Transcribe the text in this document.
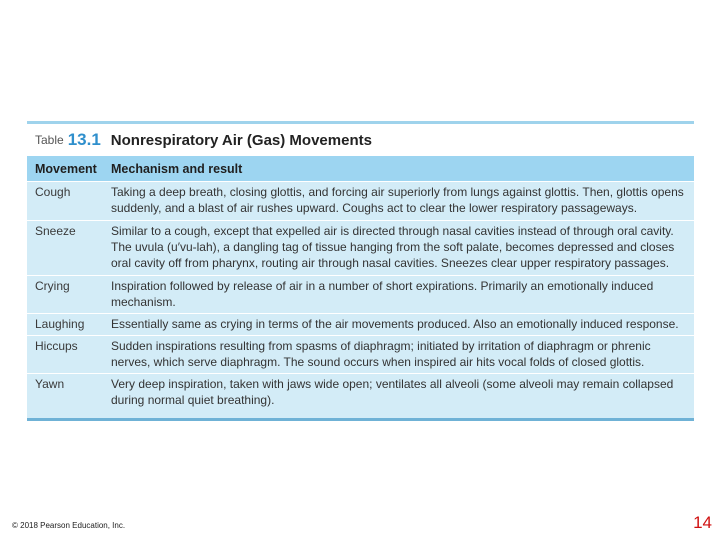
Table 13.1 Nonrespiratory Air (Gas) Movements
Movement	Mechanism and result
Cough	Taking a deep breath, closing glottis, and forcing air superiorly from lungs against glottis. Then, glottis opens suddenly, and a blast of air rushes upward. Coughs act to clear the lower respiratory passageways.
Sneeze	Similar to a cough, except that expelled air is directed through nasal cavities instead of through oral cavity. The uvula (u′vu-lah), a dangling tag of tissue hanging from the soft palate, becomes depressed and closes oral cavity off from pharynx, routing air through nasal cavities. Sneezes clear upper respiratory passages.
Crying	Inspiration followed by release of air in a number of short expirations. Primarily an emotionally induced mechanism.
Laughing	Essentially same as crying in terms of the air movements produced. Also an emotionally induced response.
Hiccups	Sudden inspirations resulting from spasms of diaphragm; initiated by irritation of diaphragm or phrenic nerves, which serve diaphragm. The sound occurs when inspired air hits vocal folds of closed glottis.
Yawn	Very deep inspiration, taken with jaws wide open; ventilates all alveoli (some alveoli may remain collapsed during normal quiet breathing).
© 2018 Pearson Education, Inc.	14
